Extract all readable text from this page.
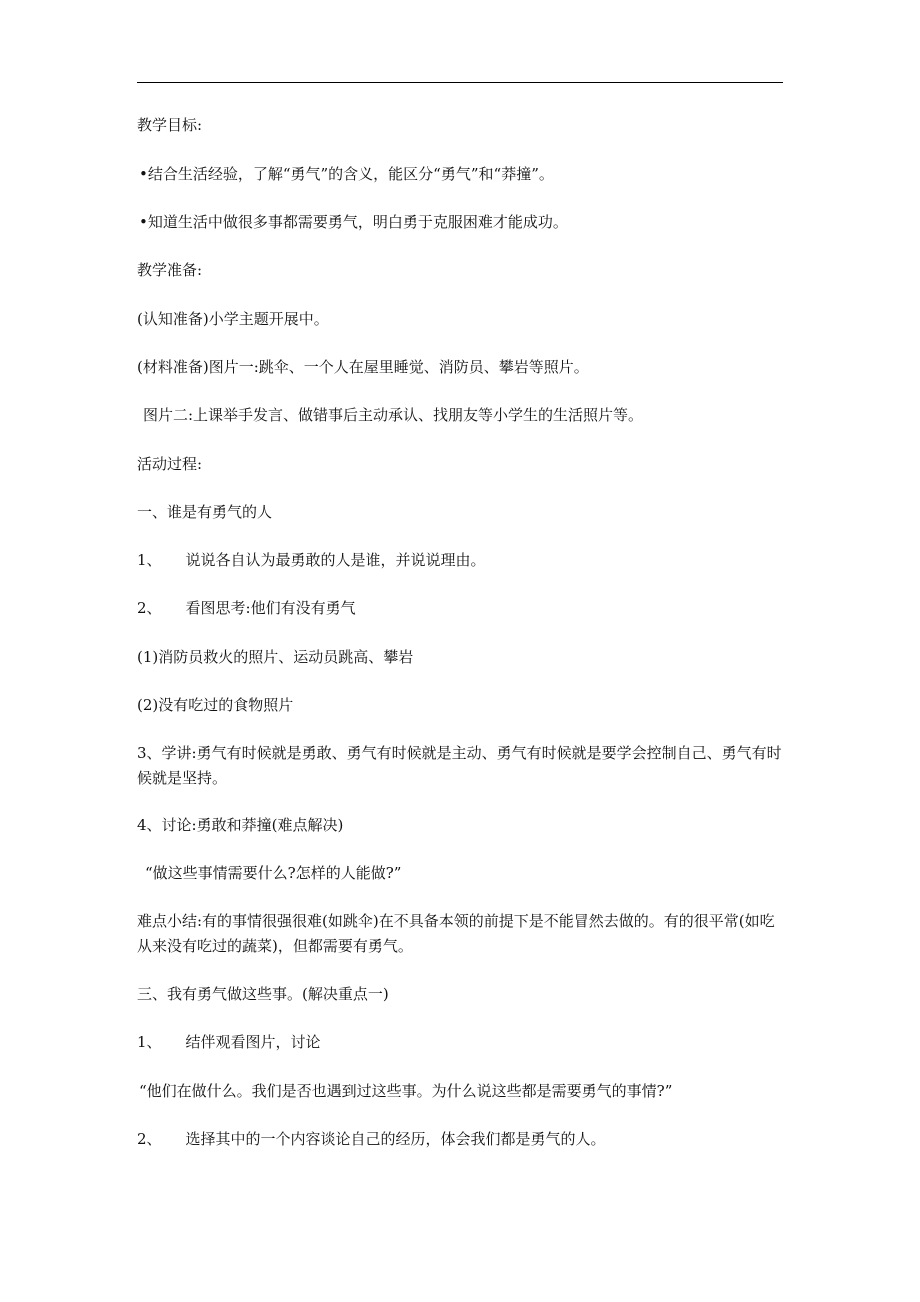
教学目标:
•结合生活经验，了解“勇气”的含义，能区分“勇气”和“莽撞”。
•知道生活中做很多事都需要勇气，明白勇于克服困难才能成功。
教学准备:
(认知准备)小学主题开展中。
(材料准备)图片一:跳伞、一个人在屋里睡觉、消防员、攀岩等照片。
图片二:上课举手发言、做错事后主动承认、找朋友等小学生的生活照片等。
活动过程:
一、谁是有勇气的人
1、 说说各自认为最勇敢的人是谁，并说说理由。
2、 看图思考:他们有没有勇气
(1)消防员救火的照片、运动员跳高、攀岩
(2)没有吃过的食物照片
3、学讲:勇气有时候就是勇敢、勇气有时候就是主动、勇气有时候就是要学会控制自己、勇气有时候就是坚持。
4、讨论:勇敢和莽撞(难点解决)
“做这些事情需要什么?怎样的人能做?”
难点小结:有的事情很强很难(如跳伞)在不具备本领的前提下是不能冒然去做的。有的很平常(如吃从来没有吃过的蔬菜)，但都需要有勇气。
三、我有勇气做这些事。(解决重点一)
1、 结伴观看图片，讨论
“他们在做什么。我们是否也遇到过这些事。为什么说这些都是需要勇气的事情?”
2、 选择其中的一个内容谈论自己的经历，体会我们都是勇气的人。
